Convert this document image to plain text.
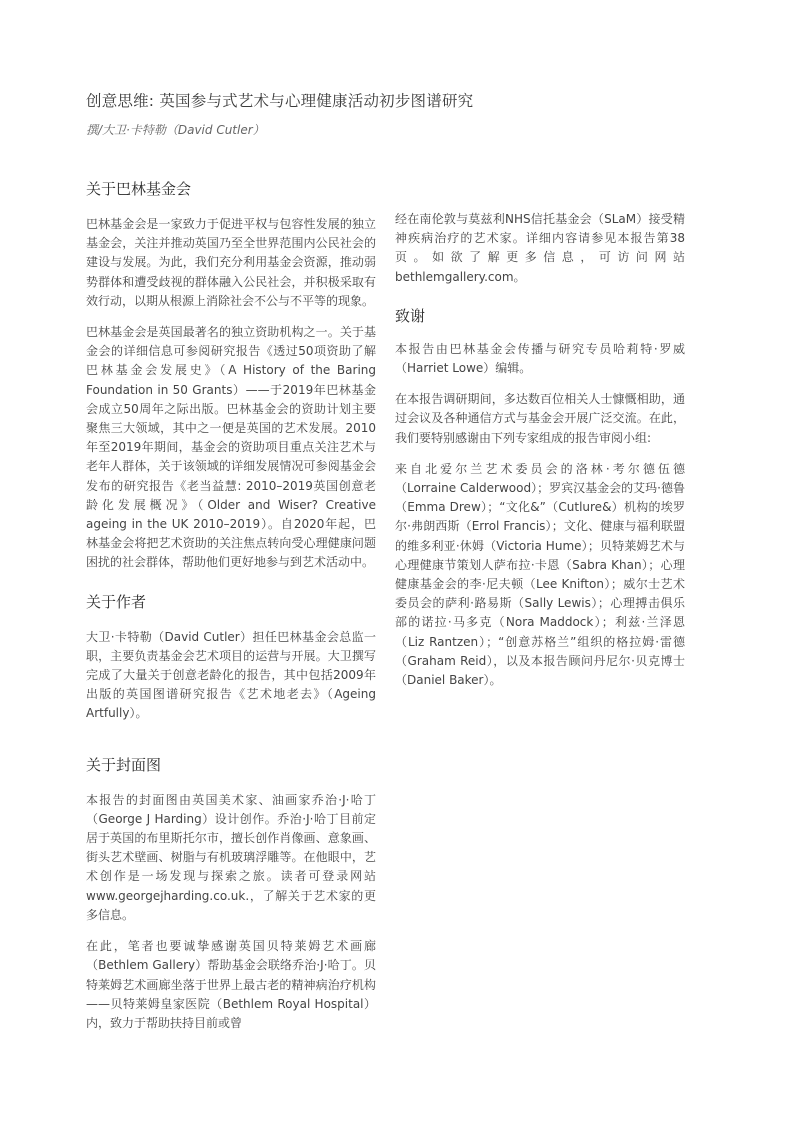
创意思维: 英国参与式艺术与心理健康活动初步图谱研究
撰/大卫·卡特勒（David Cutler）
关于巴林基金会

巴林基金会是一家致力于促进平权与包容性发展的独立基金会，关注并推动英国乃至全世界范围内公民社会的建设与发展。为此，我们充分利用基金会资源，推动弱势群体和遭受歧视的群体融入公民社会，并积极采取有效行动，以期从根源上消除社会不公与不平等的现象。

巴林基金会是英国最著名的独立资助机构之一。关于基金会的详细信息可参阅研究报告《透过50项资助了解巴林基金会发展史》（A History of the Baring Foundation in 50 Grants）——于2019年巴林基金会成立50周年之际出版。巴林基金会的资助计划主要聚焦三大领域，其中之一便是英国的艺术发展。2010年至2019年期间，基金会的资助项目重点关注艺术与老年人群体，关于该领域的详细发展情况可参阅基金会发布的研究报告《老当益慧: 2010–2019英国创意老龄化发展概况》（Older and Wiser? Creative ageing in the UK 2010–2019）。自2020年起，巴林基金会将把艺术资助的关注焦点转向受心理健康问题困扰的社会群体，帮助他们更好地参与到艺术活动中。

关于作者

大卫·卡特勒（David Cutler）担任巴林基金会总监一职，主要负责基金会艺术项目的运营与开展。大卫撰写完成了大量关于创意老龄化的报告，其中包括2009年出版的英国图谱研究报告《艺术地老去》（Ageing Artfully）。

关于封面图

本报告的封面图由英国美术家、油画家乔治·J·哈丁（George J Harding）设计创作。乔治·J·哈丁目前定居于英国的布里斯托尔市，擅长创作肖像画、意象画、街头艺术壁画、树脂与有机玻璃浮雕等。在他眼中，艺术创作是一场发现与探索之旅。读者可登录网站www.georgejharding.co.uk.，了解关于艺术家的更多信息。

在此，笔者也要诚挚感谢英国贝特莱姆艺术画廊（Bethlem Gallery）帮助基金会联络乔治·J·哈丁。贝特莱姆艺术画廊坐落于世界上最古老的精神病治疗机构——贝特莱姆皇家医院（Bethlem Royal Hospital）内，致力于帮助扶持目前或曾

经在南伦敦与莫兹利NHS信托基金会（SLaM）接受精神疾病治疗的艺术家。详细内容请参见本报告第38页。如欲了解更多信息，可访问网站bethlemgallery.com。

致谢

本报告由巴林基金会传播与研究专员哈莉特·罗威（Harriet Lowe）编辑。

在本报告调研期间，多达数百位相关人士慷慨相助，通过会议及各种通信方式与基金会开展广泛交流。在此，我们要特别感谢由下列专家组成的报告审阅小组:

来自北爱尔兰艺术委员会的洛林·考尔德伍德（Lorraine Calderwood）；罗宾汉基金会的艾玛·德鲁（Emma Drew）；“文化&”（Cutlure&）机构的埃罗尔·弗朗西斯（Errol Francis）；文化、健康与福利联盟的维多利亚·休姆（Victoria Hume）；贝特莱姆艺术与心理健康节策划人萨布拉·卡恩（Sabra Khan）；心理健康基金会的李·尼夫顿（Lee Knifton）；威尔士艺术委员会的萨利·路易斯（Sally Lewis）；心理搏击俱乐部的诺拉·马多克（Nora Maddock）；利兹·兰泽恩（Liz Rantzen）；“创意苏格兰”组织的格拉姆·雷德（Graham Reid），以及本报告顾问丹尼尔·贝克博士（Daniel Baker）。
